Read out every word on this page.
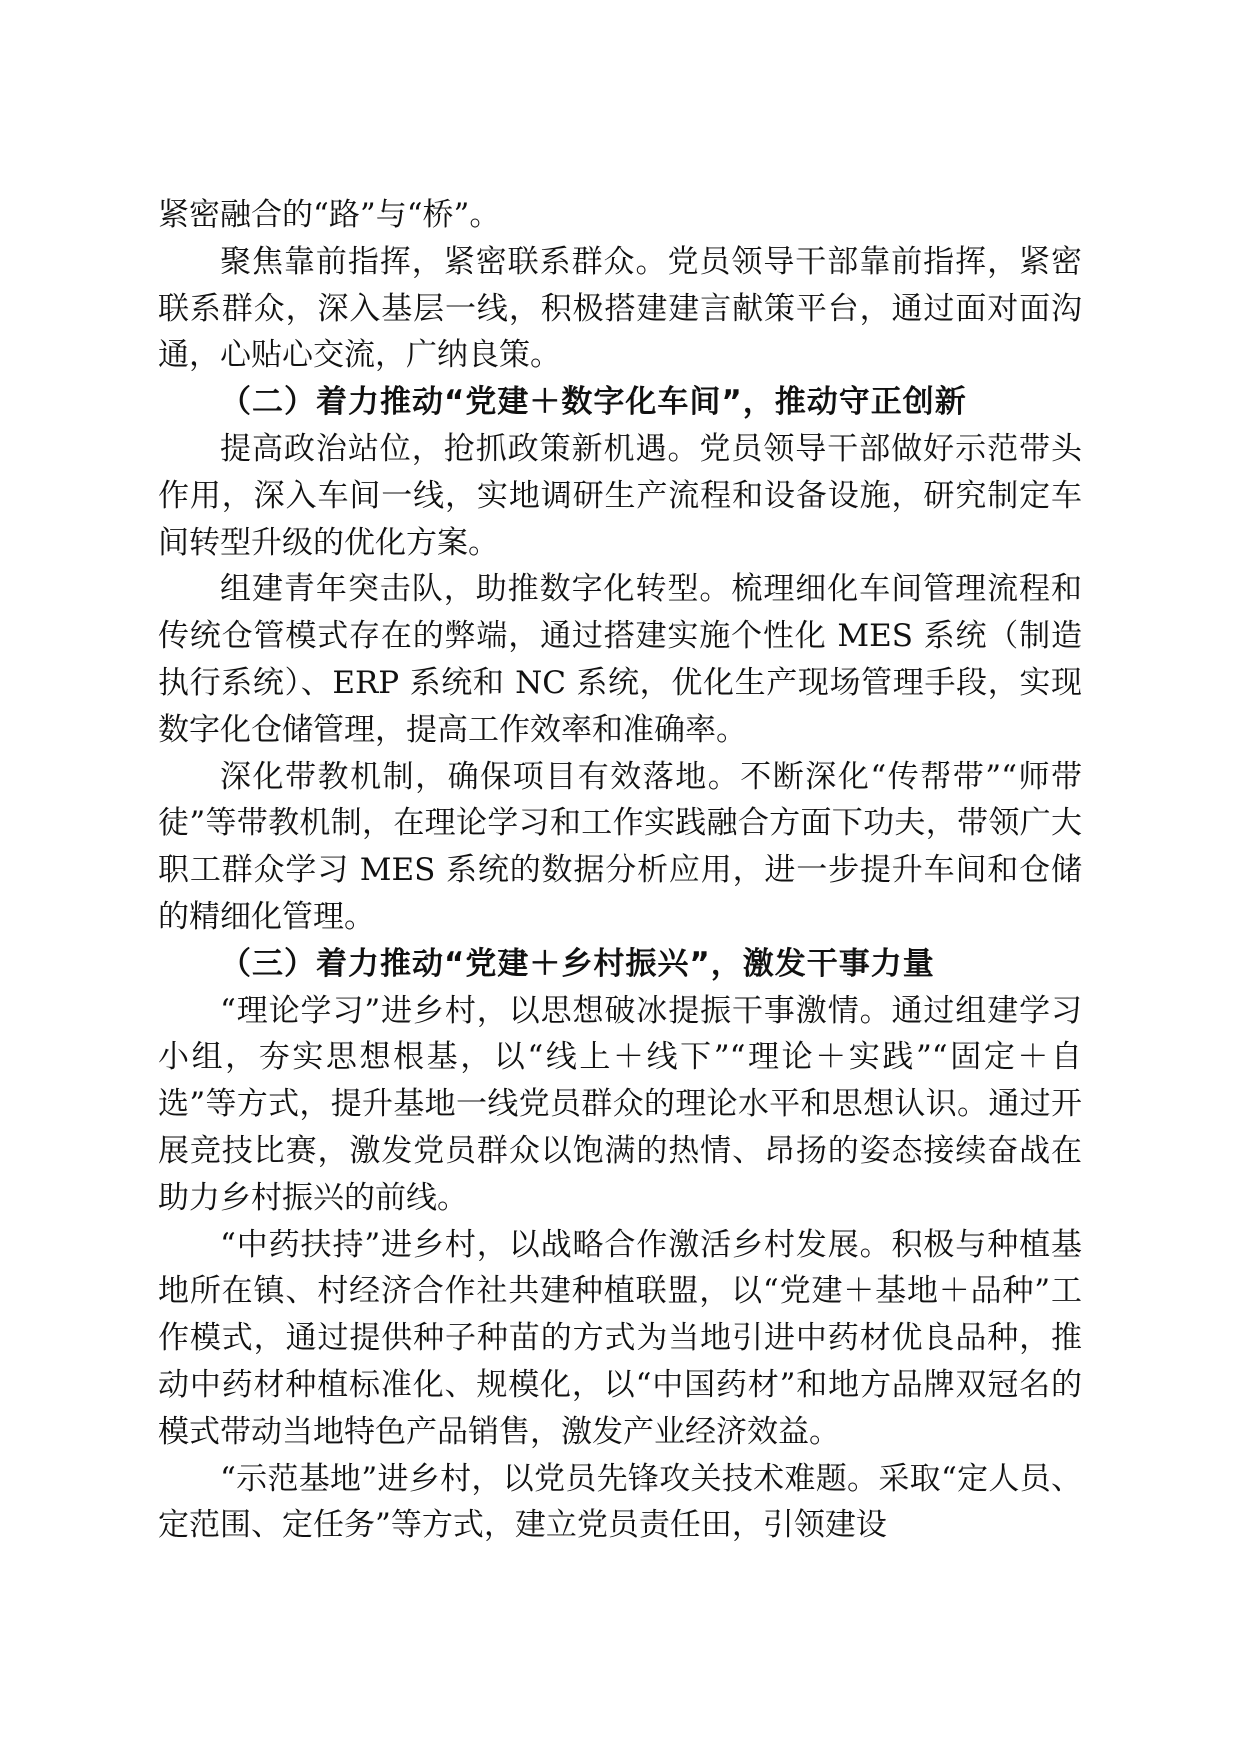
紧密融合的“路”与“桥”。

聚焦靠前指挥，紧密联系群众。党员领导干部靠前指挥，紧密联系群众，深入基层一线，积极搭建建言献策平台，通过面对面沟通，心贴心交流，广纳良策。

（二）着力推动“党建＋数字化车间”，推动守正创新

提高政治站位，抢抓政策新机遇。党员领导干部做好示范带头作用，深入车间一线，实地调研生产流程和设备设施，研究制定车间转型升级的优化方案。

组建青年突击队，助推数字化转型。梳理细化车间管理流程和传统仓管模式存在的弊端，通过搭建实施个性化 MES 系统（制造执行系统）、ERP 系统和 NC 系统，优化生产现场管理手段，实现数字化仓储管理，提高工作效率和准确率。

深化带教机制，确保项目有效落地。不断深化“传帮带”“师带徒”等带教机制，在理论学习和工作实践融合方面下功夫，带领广大职工群众学习 MES 系统的数据分析应用，进一步提升车间和仓储的精细化管理。

（三）着力推动“党建＋乡村振兴”，激发干事力量

“理论学习”进乡村，以思想破冰提振干事激情。通过组建学习小组，夯实思想根基，以“线上＋线下”“理论＋实践”“固定＋自选”等方式，提升基地一线党员群众的理论水平和思想认识。通过开展竞技比赛，激发党员群众以饱满的热情、昂扬的姿态接续奋战在助力乡村振兴的前线。

“中药扶持”进乡村，以战略合作激活乡村发展。积极与种植基地所在镇、村经济合作社共建种植联盟，以“党建＋基地＋品种”工作模式，通过提供种子种苗的方式为当地引进中药材优良品种，推动中药材种植标准化、规模化，以“中国药材”和地方品牌双冠名的模式带动当地特色产品销售，激发产业经济效益。

“示范基地”进乡村，以党员先锋攻关技术难题。采取“定人员、定范围、定任务”等方式，建立党员责任田，引领建设
